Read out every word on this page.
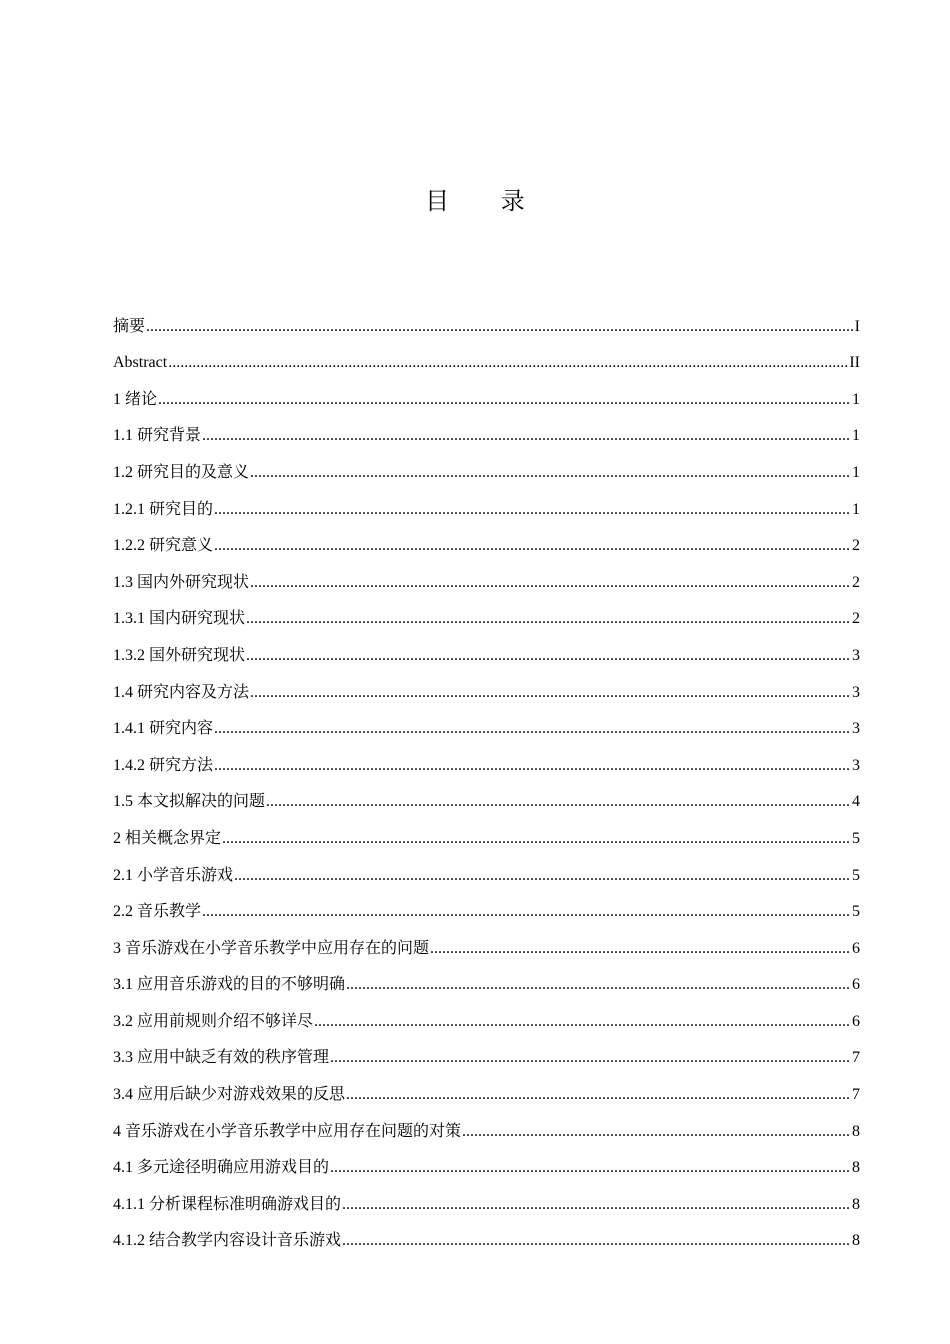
目 录
摘要 .....	I
Abstract .....	II
1 绪论 .....	1
1.1 研究背景 .....	1
1.2 研究目的及意义 .....	1
1.2.1 研究目的 .....	1
1.2.2 研究意义 .....	2
1.3 国内外研究现状 .....	2
1.3.1 国内研究现状 .....	2
1.3.2 国外研究现状 .....	3
1.4 研究内容及方法 .....	3
1.4.1 研究内容 .....	3
1.4.2 研究方法 .....	3
1.5 本文拟解决的问题 .....	4
2 相关概念界定 .....	5
2.1 小学音乐游戏 .....	5
2.2 音乐教学 .....	5
3 音乐游戏在小学音乐教学中应用存在的问题 .....	6
3.1 应用音乐游戏的目的不够明确 .....	6
3.2 应用前规则介绍不够详尽 .....	6
3.3 应用中缺乏有效的秩序管理 .....	7
3.4 应用后缺少对游戏效果的反思 .....	7
4 音乐游戏在小学音乐教学中应用存在问题的对策 .....	8
4.1 多元途径明确应用游戏目的 .....	8
4.1.1 分析课程标准明确游戏目的 .....	8
4.1.2 结合教学内容设计音乐游戏 .....	8
